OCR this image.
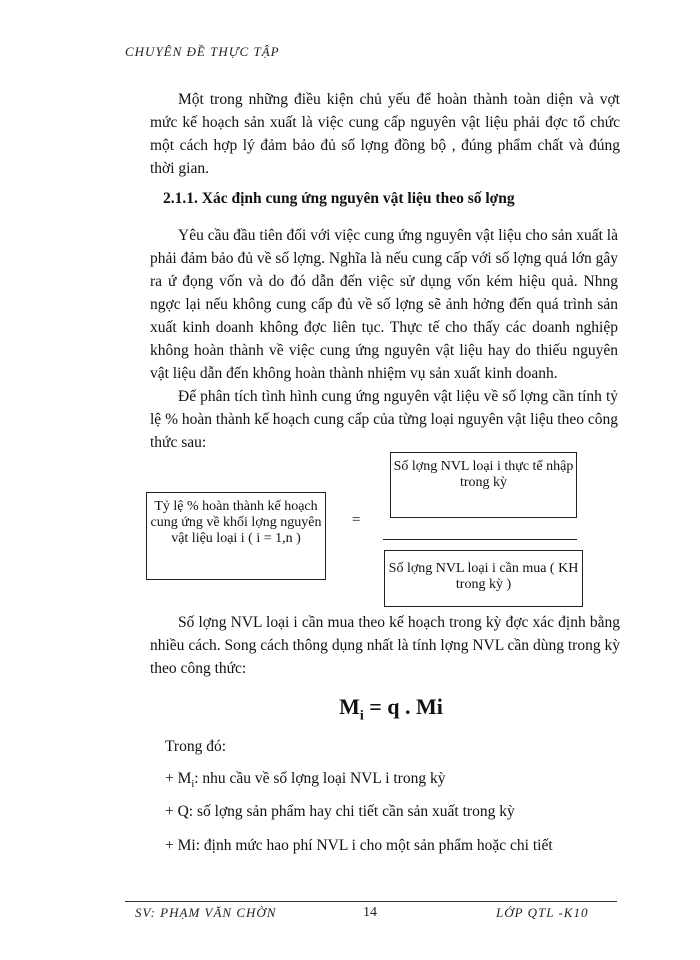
CHUYÊN ĐỀ THỰC TẬP

Một trong những điều kiện chủ yếu để hoàn thành toàn diện và vợt mức kế hoạch sản xuất là việc cung cấp nguyên vật liệu phải đợc tổ chức một cách hợp lý đảm bảo đủ số lợng đồng bộ , đúng phẩm chất và đúng thời gian.

2.1.1. Xác định cung ứng nguyên vật liệu theo số lợng

Yêu cầu đầu tiên đối với việc cung ứng nguyên vật liệu cho sản xuất là phải đảm bảo đủ về số lợng. Nghĩa là nếu cung cấp với số lợng quá lớn gây ra ứ đọng vốn và do đó dẫn đến việc sử dụng vốn kém hiệu quả. Nhng ngợc lại nếu không cung cấp đủ về số lợng sẽ ảnh hởng đến quá trình sản xuất kinh doanh không đợc liên tục. Thực tế cho thấy các doanh nghiệp không hoàn thành về việc cung ứng nguyên vật liệu hay do thiếu nguyên vật liệu dẫn đến không hoàn thành nhiệm vụ sản xuất kinh doanh.

Để phân tích tình hình cung ứng nguyên vật liệu về số lợng cần tính tỷ lệ % hoàn thành kế hoạch cung cấp của từng loại nguyên vật liệu theo công thức sau:

Tỷ lệ % hoàn thành kế hoạch cung ứng về khối lợng nguyên vật liệu loại i ( i = 1,n )
=
Số lợng NVL loại i thực tế nhập trong kỳ
Số lợng NVL loại i cần mua ( KH trong kỳ )

Số lợng NVL loại i cần mua theo kế hoạch trong kỳ đợc xác định bằng nhiều cách. Song cách thông dụng nhất là tính lợng NVL cần dùng trong kỳ theo công thức:

$M_i = q$ . Mi
Trong đó:
+ $M_i$: nhu cầu về số lợng loại NVL i trong kỳ
+ Q: số lợng sản phẩm hay chi tiết cần sản xuất trong kỳ
+ Mi: định mức hao phí NVL i cho một sản phẩm hoặc chi tiết
SV: PHẠM VĂN CHỜN	14	LỚP QTL -K10
